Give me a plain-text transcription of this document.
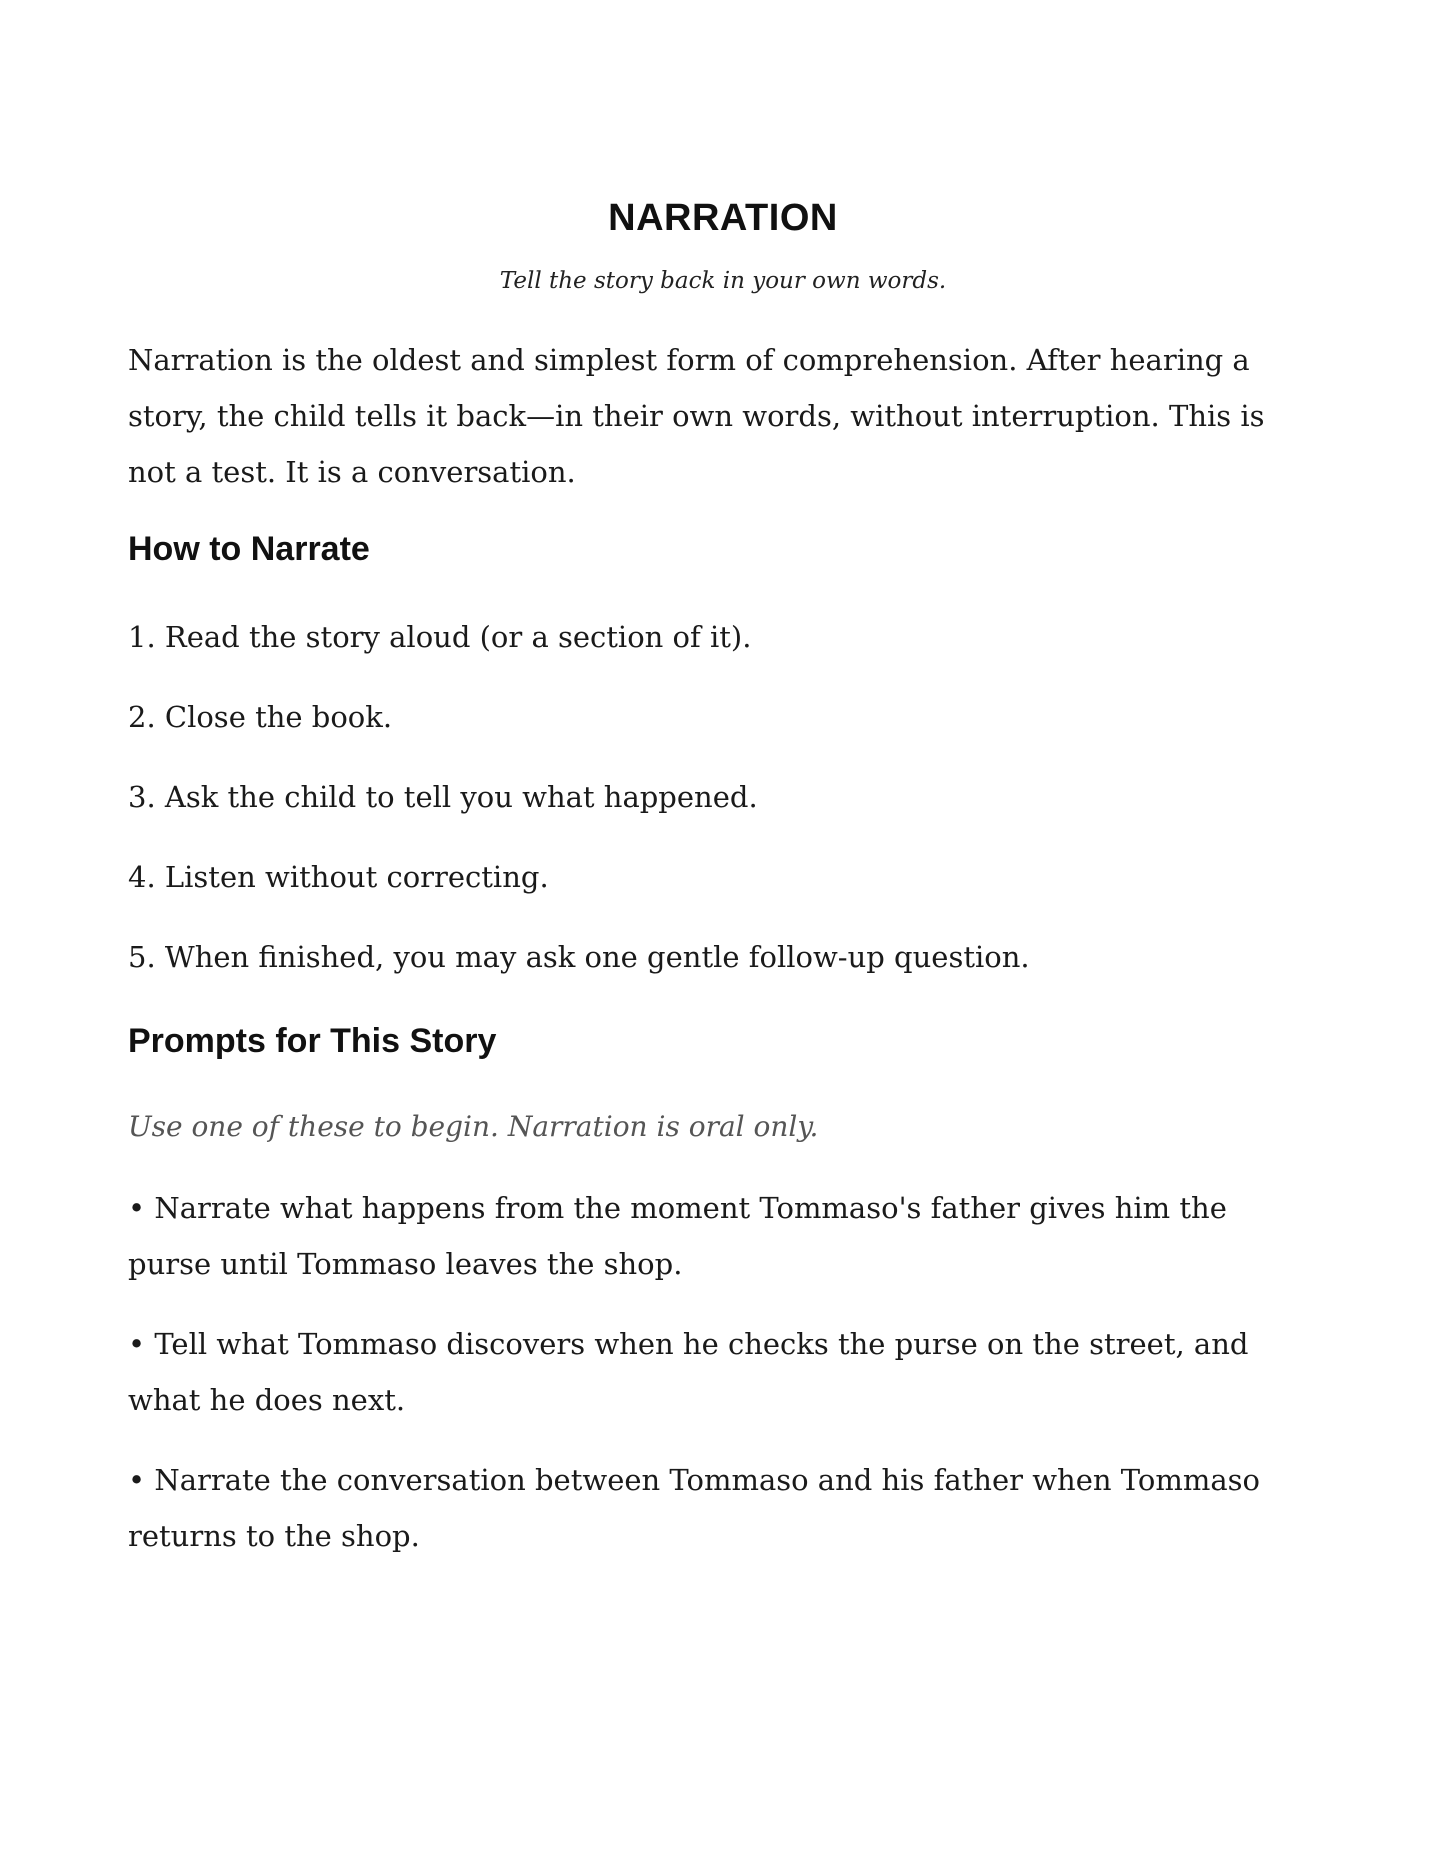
NARRATION
Tell the story back in your own words.

Narration is the oldest and simplest form of comprehension. After hearing a story, the child tells it back—in their own words, without interruption. This is not a test. It is a conversation.

How to Narrate

1. Read the story aloud (or a section of it).

2. Close the book.

3. Ask the child to tell you what happened.

4. Listen without correcting.

5. When finished, you may ask one gentle follow-up question.

Prompts for This Story

Use one of these to begin. Narration is oral only.

• Narrate what happens from the moment Tommaso's father gives him the purse until Tommaso leaves the shop.

• Tell what Tommaso discovers when he checks the purse on the street, and what he does next.

• Narrate the conversation between Tommaso and his father when Tommaso returns to the shop.
